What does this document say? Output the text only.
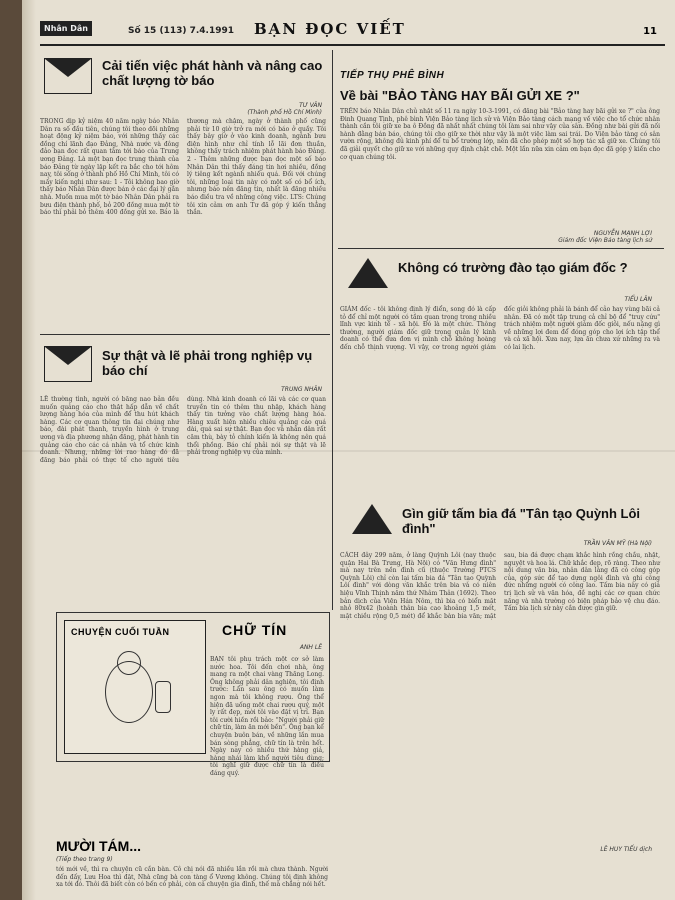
Nhân Dân	Số 15 (113) 7.4.1991 BẠN ĐỌC VIẾT	11
Cải tiến việc phát hành và nâng cao chất lượng tờ báo
TƯ VÂN
(Thành phố Hồ Chí Minh)
TRONG dịp kỷ niệm 40 năm ngày báo Nhân Dân ra số đầu tiên, chúng tôi theo dõi những hoạt động kỷ niệm báo, với những thấy các đồng chí lãnh đạo Đảng, Nhà nước và đông đảo bạn đọc rất quan tâm tới báo của Trung ương Đảng. Là một bạn đọc trung thành của báo Đảng từ ngày lập kết ra bắc cho tới hôm nay, tôi sống ở thành phố Hồ Chí Minh, tôi có mấy kiến nghị như sau: 1 - Tôi không bao giờ thấy báo Nhân Dân được bán ở các đại lý gần nhà. Muốn mua một tờ báo Nhân Dân phải ra bưu điện thành phố, bỏ 200 đồng mua một tờ báo thì phải bỏ thêm 400 đồng gửi xe. Báo là thương mà chậm, ngày ở thành phố cũng phải từ 10 giờ trở ra mới có báo ở quầy. Tôi thấy bây giờ ở vào kinh doanh, ngành bưu điện hình như chỉ tính lỗ lãi đơn thuần, không thấy trách nhiệm phát hành báo Đảng. 2 - Thêm những được bạn đọc một số báo Nhân Dân thì thấy đáng tin hơi nhiều, đồng lý tiêng kết ngành nhiều quá. Đối với chúng tôi, những loại tin này có một số có bổ ích, nhưng báo nên đăng tin, nhất là đăng nhiều báo điều tra về những công việc. LTS: Chúng tôi xin cảm ơn anh Tư đã góp ý kiến thẳng thắn.
Sự thật và lẽ phải trong nghiệp vụ báo chí
TRUNG NHÂN
LẼ thường tình, người có băng nao bản đều muốn quảng cáo cho thật hấp dẫn về chất lượng hàng hóa của mình để thu hút khách hàng. Các cơ quan thông tin đại chúng như báo, đài phát thanh, truyền hình ở trung ương và địa phương nhận đăng, phát hành tin quảng cáo cho các cá nhân và tổ chức kinh doanh. Nhưng, những lời rao hàng đó đã đăng báo phải có thực tế cho người tiêu dùng. Nhà kinh doanh có lãi và các cơ quan truyền tin có thêm thu nhập, khách hàng thấy tin tưởng vào chất lượng hàng hóa. Hàng xuất hiện nhiều chiêu quảng cáo quá dài, quá sai sự thật. Bạn đọc và nhân dân rất căm thù, bày tỏ chính kiến là không nên quá thổi phồng. Báo chí phải nói sự thật và lẽ phải trong nghiệp vụ của mình.
TIẾP THỤ PHÊ BÌNH
Về bài "BẢO TÀNG HAY BÃI GỬI XE ?"
TRÊN báo Nhân Dân chủ nhật số 11 ra ngày 10-3-1991, có đăng bài "Bảo tàng hay bãi gửi xe ?" của ông Đinh Quang Tịnh, phê bình Viện Bảo tàng lịch sử và Viện Bảo tàng cách mạng về việc cho tổ chức nhân thành cần tôi giữ xe ba ô Đồng đã nhất nhất chúng tôi làm sai như vậy của sân. Đồng như bài gửi đã nối hành đằng bán báo, chúng tôi cho giữ xe thời như vậy là một việc làm sai trái. Do Viện bảo tàng có sân vườn rộng, không đủ kinh phí để tu bổ trường lớp, nên đã cho phép một số hợp tác xã giữ xe. Chúng tôi đã giải quyết cho giữ xe với những quy định chặt chẽ. Một lần nữa xin cảm ơn bạn đọc đã góp ý kiến cho cơ quan chúng tôi.
NGUYỄN MẠNH LỢI
Giám đốc Viện Bảo tàng lịch sử
Không có trường đào tạo giám đốc ?
TIỂU LÂN
GIÁM đốc - tôi không định lý điển, song đó là cấp tỏ để chỉ một người có tầm quan trọng trong nhiều lĩnh vực kinh tế - xã hội. Đó là một chức. Thông thường, người giám đốc giữ trọng quản lý kinh doanh có thể đưa đơn vị mình chỗ không hoàng đến chỗ thịnh vượng. Vì vậy, cơ trong người giám đốc giỏi không phải là bánh để cảo hay vùng bãi cả nhân. Đã có một tập trung cả chỉ bộ để "truy cứu" trách nhiệm một người giám đốc giỏi, nếu nặng gì về những lợi đem để đóng góp cho lợi ích tập thể và cả xã hội. Xưa nay, lựa ăn chưa xứ những ra và có lai lịch.
Gìn giữ tấm bia đá "Tân tạo Quỳnh Lôi đình"
TRẦN VĂN MỸ (Hà Nội)
CÁCH đây 299 năm, ở làng Quỳnh Lôi (nay thuộc quận Hai Bà Trưng, Hà Nội) có "Văn Hưng đình" mà nay trên nền đình cũ (thuộc Trường PTCS Quỳnh Lôi) chỉ còn lại tấm bia đá "Tân tạo Quỳnh Lôi đình" với dòng văn khắc trên bia và có niên hiệu Vĩnh Thịnh năm thứ Nhâm Thân (1692). Theo bản dịch của Viện Hán Nôm, thì bia có biển mặt nhỏ 80x42 (hoành thân bia cao khoảng 1,5 mét, mặt chiều rộng 0,5 mét) để khắc bàn bia văn; mặt sau, bia đá được chạm khắc hình rồng chầu, nhật, nguyệt và hoa lá. Chữ khắc đẹp, rõ ràng. Theo như nội dung văn bia, nhân dân làng đã có công góp của, góp sức để tạo dựng ngôi đình và ghi công đức những người có công lao. Tấm bia này có giá trị lịch sử và văn hóa, đề nghị các cơ quan chức năng và nhà trường có biện pháp bảo vệ chu đáo. Tấm bia lịch sử này cần được gìn giữ.
LÊ HUY TIẾU dịch
CHUYỆN CUỐI TUẦN	CHỮ TÍN
ANH LÊ
BẠN tôi phụ trách một cơ sở làm nước hoa. Tôi đến chơi nhà, ông mang ra một chai vàng Thăng Long. Ông không phải dân nghiện, tôi định trước: Lẩn sau ông có muốn làm ngon mà tôi không rượu. Ông thể hiện đã uống một chai rượu quý, một ly rất đẹp, mời tôi vào đặt vị trí. Bạn tôi cười hiền rồi bảo: "Người phải giữ chữ tín, làm ăn mới bền". Ông bạn kể chuyện buôn bán, về những lần mua bán sòng phẳng, chữ tín là trên hết. Ngày nay có nhiều thứ hàng giả, hàng nhái làm khổ người tiêu dùng; tôi nghĩ giữ được chữ tín là điều đáng quý.
MƯỜI TÁM...
(Tiếp theo trang 9)
tới mới về, thì ra chuyện cũ cần bàn. Cô chị nói đã nhiều lần rồi mà chưa thành. Người đến đấy, Lưu Hoa thì đặt, Nhà cũng bà con tàng ổ Vương không. Chúng tôi định không xa tới đó. Thôi đã biết còn có bến có phải, còn cả chuyện gia đình, thế mà chẳng nói hết.
